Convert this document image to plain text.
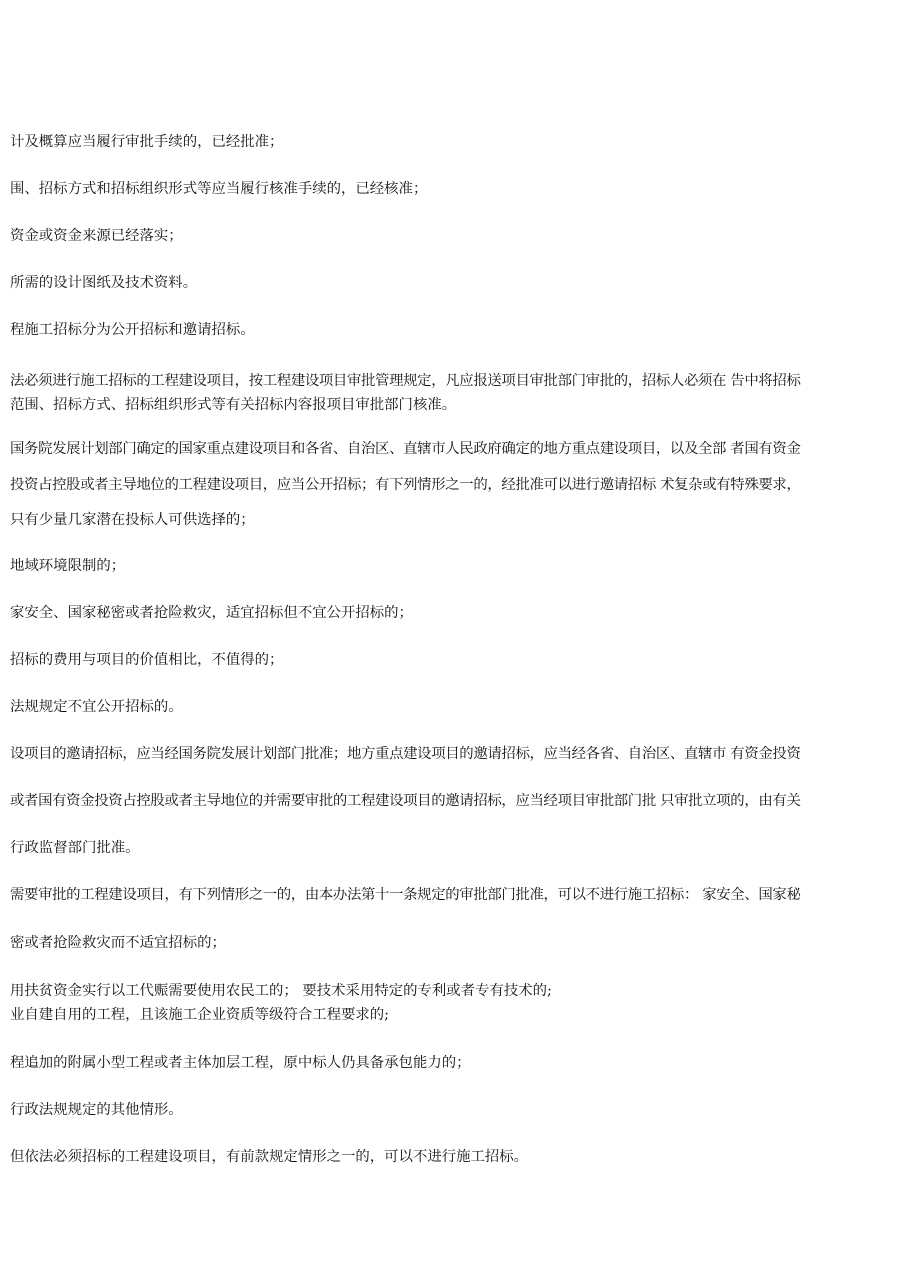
计及概算应当履行审批手续的，已经批准；
围、招标方式和招标组织形式等应当履行核准手续的，已经核准；
资金或资金来源已经落实；
所需的设计图纸及技术资料。
程施工招标分为公开招标和邀请招标。
法必须进行施工招标的工程建设项目，按工程建设项目审批管理规定，凡应报送项目审批部门审批的，招标人必须在 告中将招标
范围、招标方式、招标组织形式等有关招标内容报项目审批部门核准。
国务院发展计划部门确定的国家重点建设项目和各省、自治区、直辖市人民政府确定的地方重点建设项目，以及全部 者国有资金
投资占控股或者主导地位的工程建设项目，应当公开招标；有下列情形之一的，经批准可以进行邀请招标 术复杂或有特殊要求，
只有少量几家潜在投标人可供选择的；
地域环境限制的；
家安全、国家秘密或者抢险救灾，适宜招标但不宜公开招标的；
招标的费用与项目的价值相比，不值得的；
法规规定不宜公开招标的。
设项目的邀请招标，应当经国务院发展计划部门批准；地方重点建设项目的邀请招标，应当经各省、自治区、直辖市 有资金投资
或者国有资金投资占控股或者主导地位的并需要审批的工程建设项目的邀请招标，应当经项目审批部门批 只审批立项的，由有关
行政监督部门批准。
需要审批的工程建设项目，有下列情形之一的，由本办法第十一条规定的审批部门批准，可以不进行施工招标： 家安全、国家秘
密或者抢险救灾而不适宜招标的；
用扶贫资金实行以工代赈需要使用农民工的； 要技术采用特定的专利或者专有技术的;
业自建自用的工程，且该施工企业资质等级符合工程要求的;
程追加的附属小型工程或者主体加层工程，原中标人仍具备承包能力的；
行政法规规定的其他情形。
但依法必须招标的工程建设项目，有前款规定情形之一的，可以不进行施工招标。
